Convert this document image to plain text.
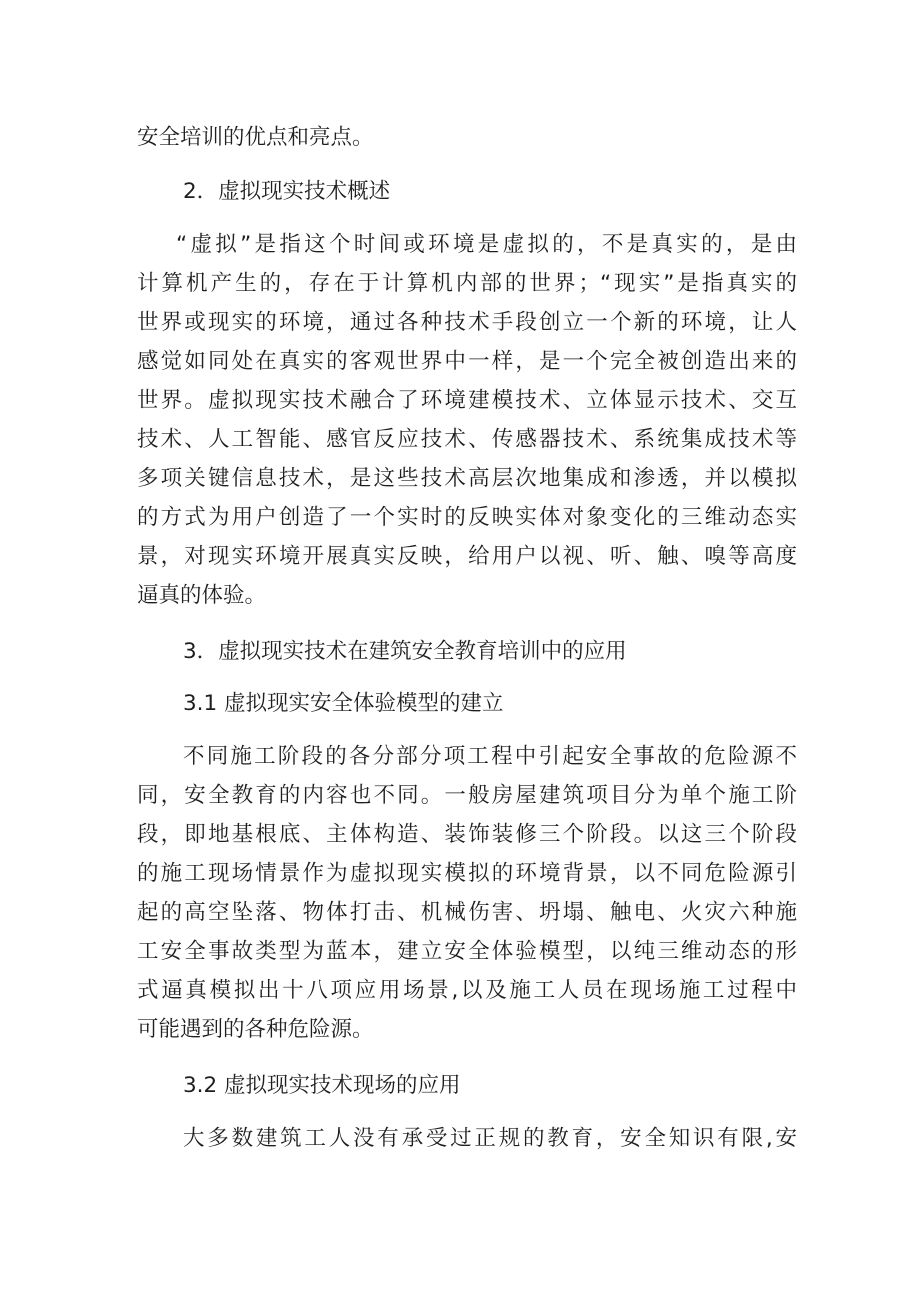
安全培训的优点和亮点。
2．虚拟现实技术概述
“虚拟”是指这个时间或环境是虚拟的，不是真实的，是由
计算机产生的，存在于计算机内部的世界；“现实”是指真实的
世界或现实的环境，通过各种技术手段创立一个新的环境，让人
感觉如同处在真实的客观世界中一样，是一个完全被创造出来的
世界。虚拟现实技术融合了环境建模技术、立体显示技术、交互
技术、人工智能、感官反应技术、传感器技术、系统集成技术等
多项关键信息技术，是这些技术高层次地集成和渗透，并以模拟
的方式为用户创造了一个实时的反映实体对象变化的三维动态实
景，对现实环境开展真实反映，给用户以视、听、触、嗅等高度
逼真的体验。
3．虚拟现实技术在建筑安全教育培训中的应用
3.1 虚拟现实安全体验模型的建立
不同施工阶段的各分部分项工程中引起安全事故的危险源不
同，安全教育的内容也不同。一般房屋建筑项目分为单个施工阶
段，即地基根底、主体构造、装饰装修三个阶段。以这三个阶段
的施工现场情景作为虚拟现实模拟的环境背景，以不同危险源引
起的高空坠落、物体打击、机械伤害、坍塌、触电、火灾六种施
工安全事故类型为蓝本，建立安全体验模型，以纯三维动态的形
式逼真模拟出十八项应用场景,以及施工人员在现场施工过程中
可能遇到的各种危险源。
3.2 虚拟现实技术现场的应用
大多数建筑工人没有承受过正规的教育，安全知识有限,安
